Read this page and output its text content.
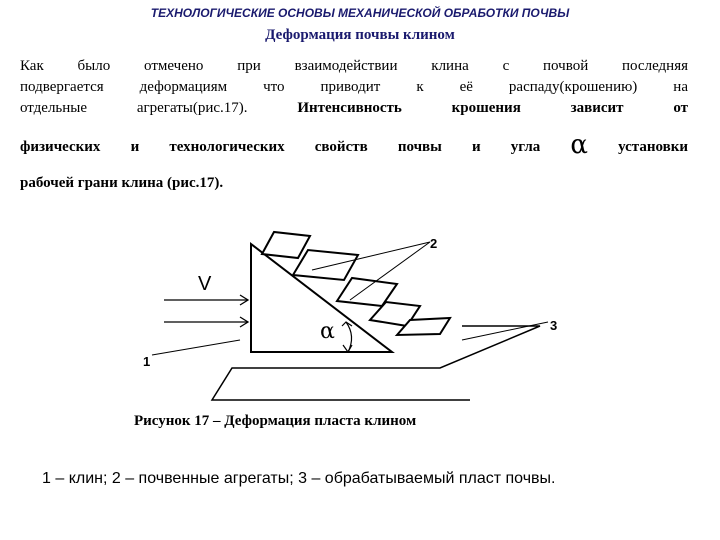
ТЕХНОЛОГИЧЕСКИЕ ОСНОВЫ МЕХАНИЧЕСКОЙ ОБРАБОТКИ ПОЧВЫ
Деформация почвы клином
Как было отмечено при взаимодействии клина с почвой последняя
подвергается деформациям что приводит к её распаду(крошению) на
отдельные агрегаты(рис.17).	Интенсивность крошения зависит от
физических и технологических свойств почвы и угла α установки
рабочей грани клина (рис.17).
V
α
1
2
3
Рисунок 17 – Деформация пласта клином
1 – клин; 2 – почвенные агрегаты; 3 – обрабатываемый пласт почвы.
